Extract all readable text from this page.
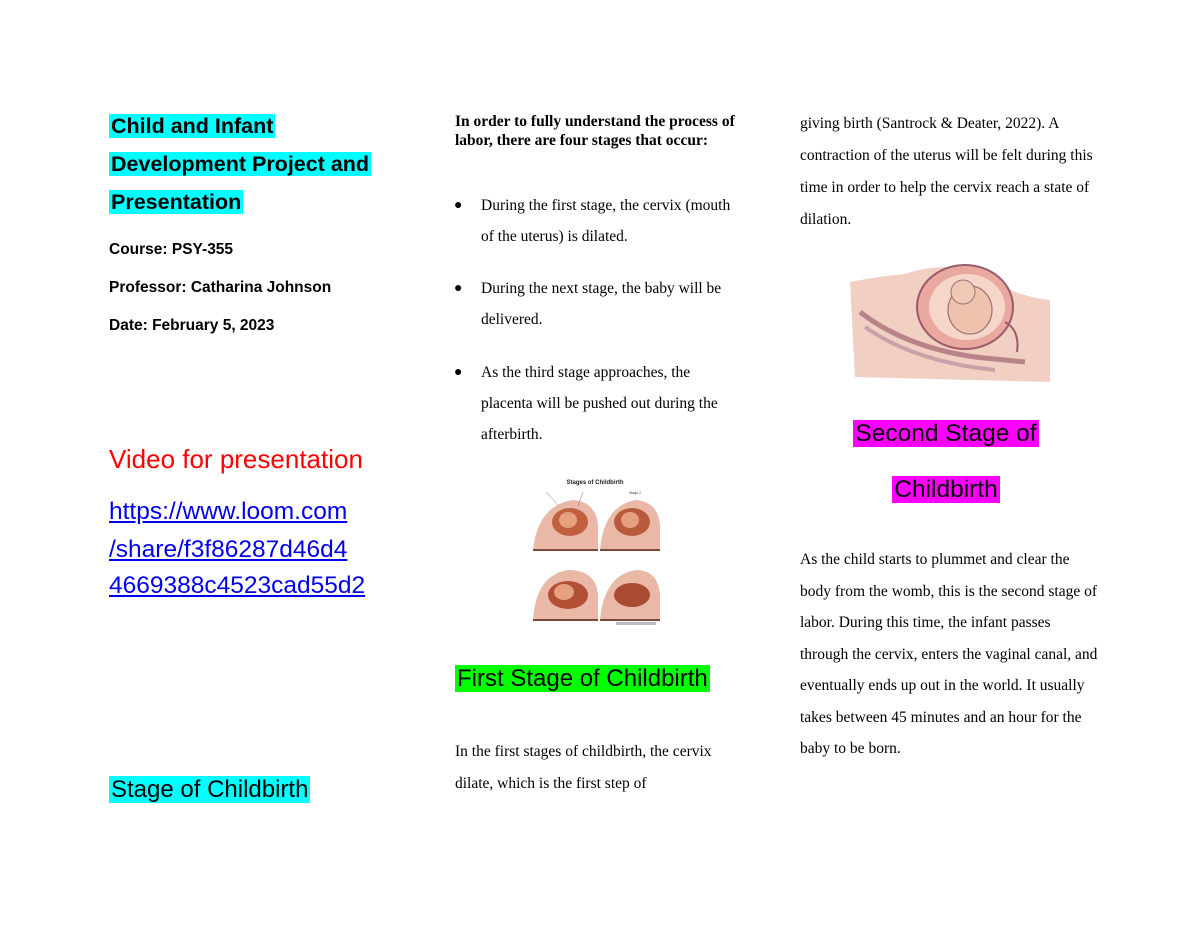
Child and Infant
Development Project and
Presentation
Course: PSY-355
Professor: Catharina Johnson
Date: February 5, 2023
Video for presentation
https://www.loom.com
/share/f3f86287d46d4
4669388c4523cad55d2
Stage of Childbirth
In order to fully understand the process of labor, there are four stages that occur:
● During the first stage, the cervix (mouth of the uterus) is dilated.
● During the next stage, the baby will be delivered.
● As the third stage approaches, the placenta will be pushed out during the afterbirth.
Stages of Childbirth
Stage 2
First Stage of Childbirth
In the first stages of childbirth, the cervix dilate, which is the first step of
giving birth (Santrock & Deater, 2022). A contraction of the uterus will be felt during this time in order to help the cervix reach a state of dilation.
Second Stage of
Childbirth
As the child starts to plummet and clear the body from the womb, this is the second stage of labor. During this time, the infant passes through the cervix, enters the vaginal canal, and eventually ends up out in the world. It usually takes between 45 minutes and an hour for the baby to be born.
